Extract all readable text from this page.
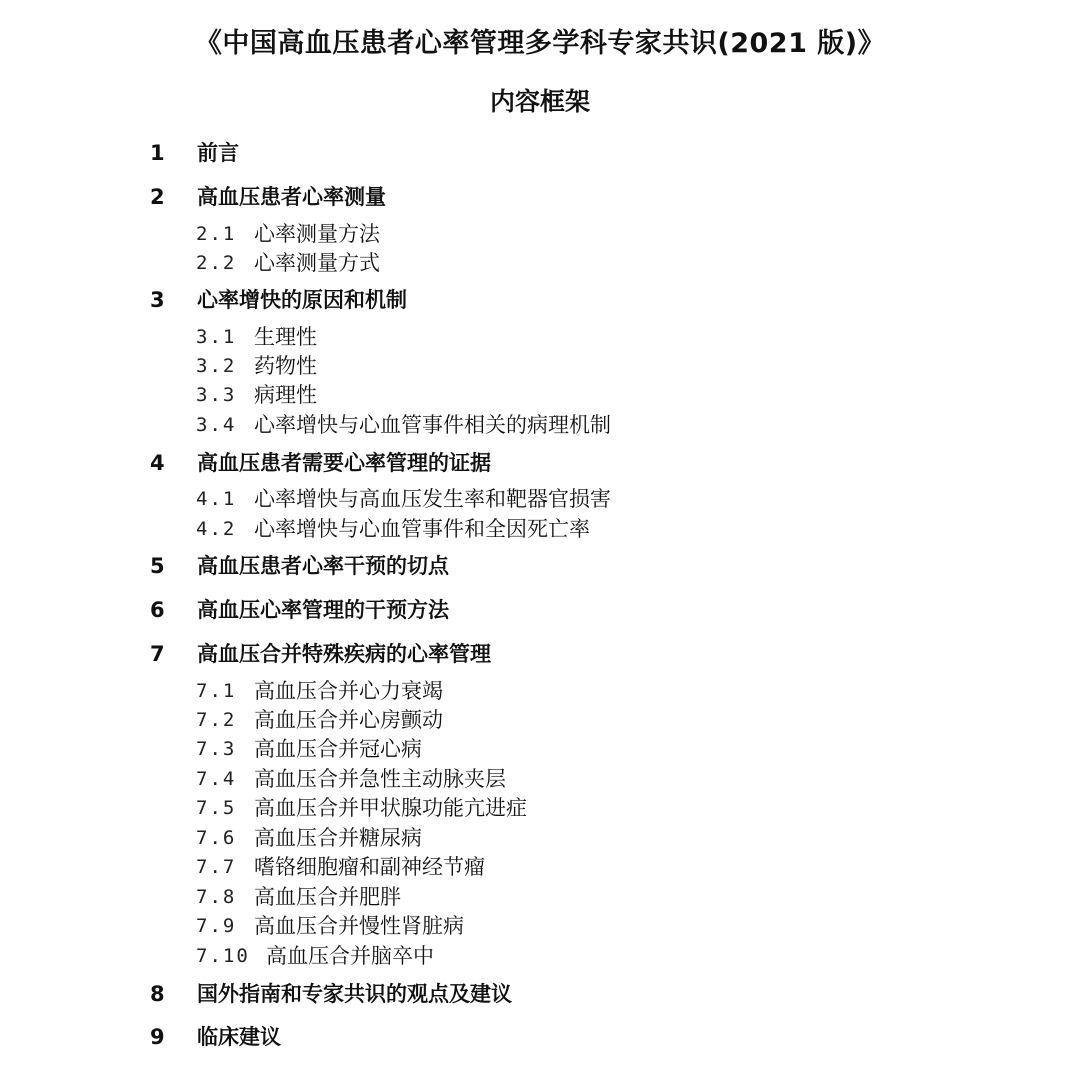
《中国高血压患者心率管理多学科专家共识(2021 版)》
内容框架
1	前言
2	高血压患者心率测量
2.1 心率测量方法
2.2 心率测量方式
3	心率增快的原因和机制
3.1 生理性
3.2 药物性
3.3 病理性
3.4 心率增快与心血管事件相关的病理机制
4	高血压患者需要心率管理的证据
4.1 心率增快与高血压发生率和靶器官损害
4.2 心率增快与心血管事件和全因死亡率
5	高血压患者心率干预的切点
6	高血压心率管理的干预方法
7	高血压合并特殊疾病的心率管理
7.1 高血压合并心力衰竭
7.2 高血压合并心房颤动
7.3 高血压合并冠心病
7.4 高血压合并急性主动脉夹层
7.5 高血压合并甲状腺功能亢进症
7.6 高血压合并糖尿病
7.7 嗜铬细胞瘤和副神经节瘤
7.8 高血压合并肥胖
7.9 高血压合并慢性肾脏病
7.10 高血压合并脑卒中
8	国外指南和专家共识的观点及建议
9	临床建议
